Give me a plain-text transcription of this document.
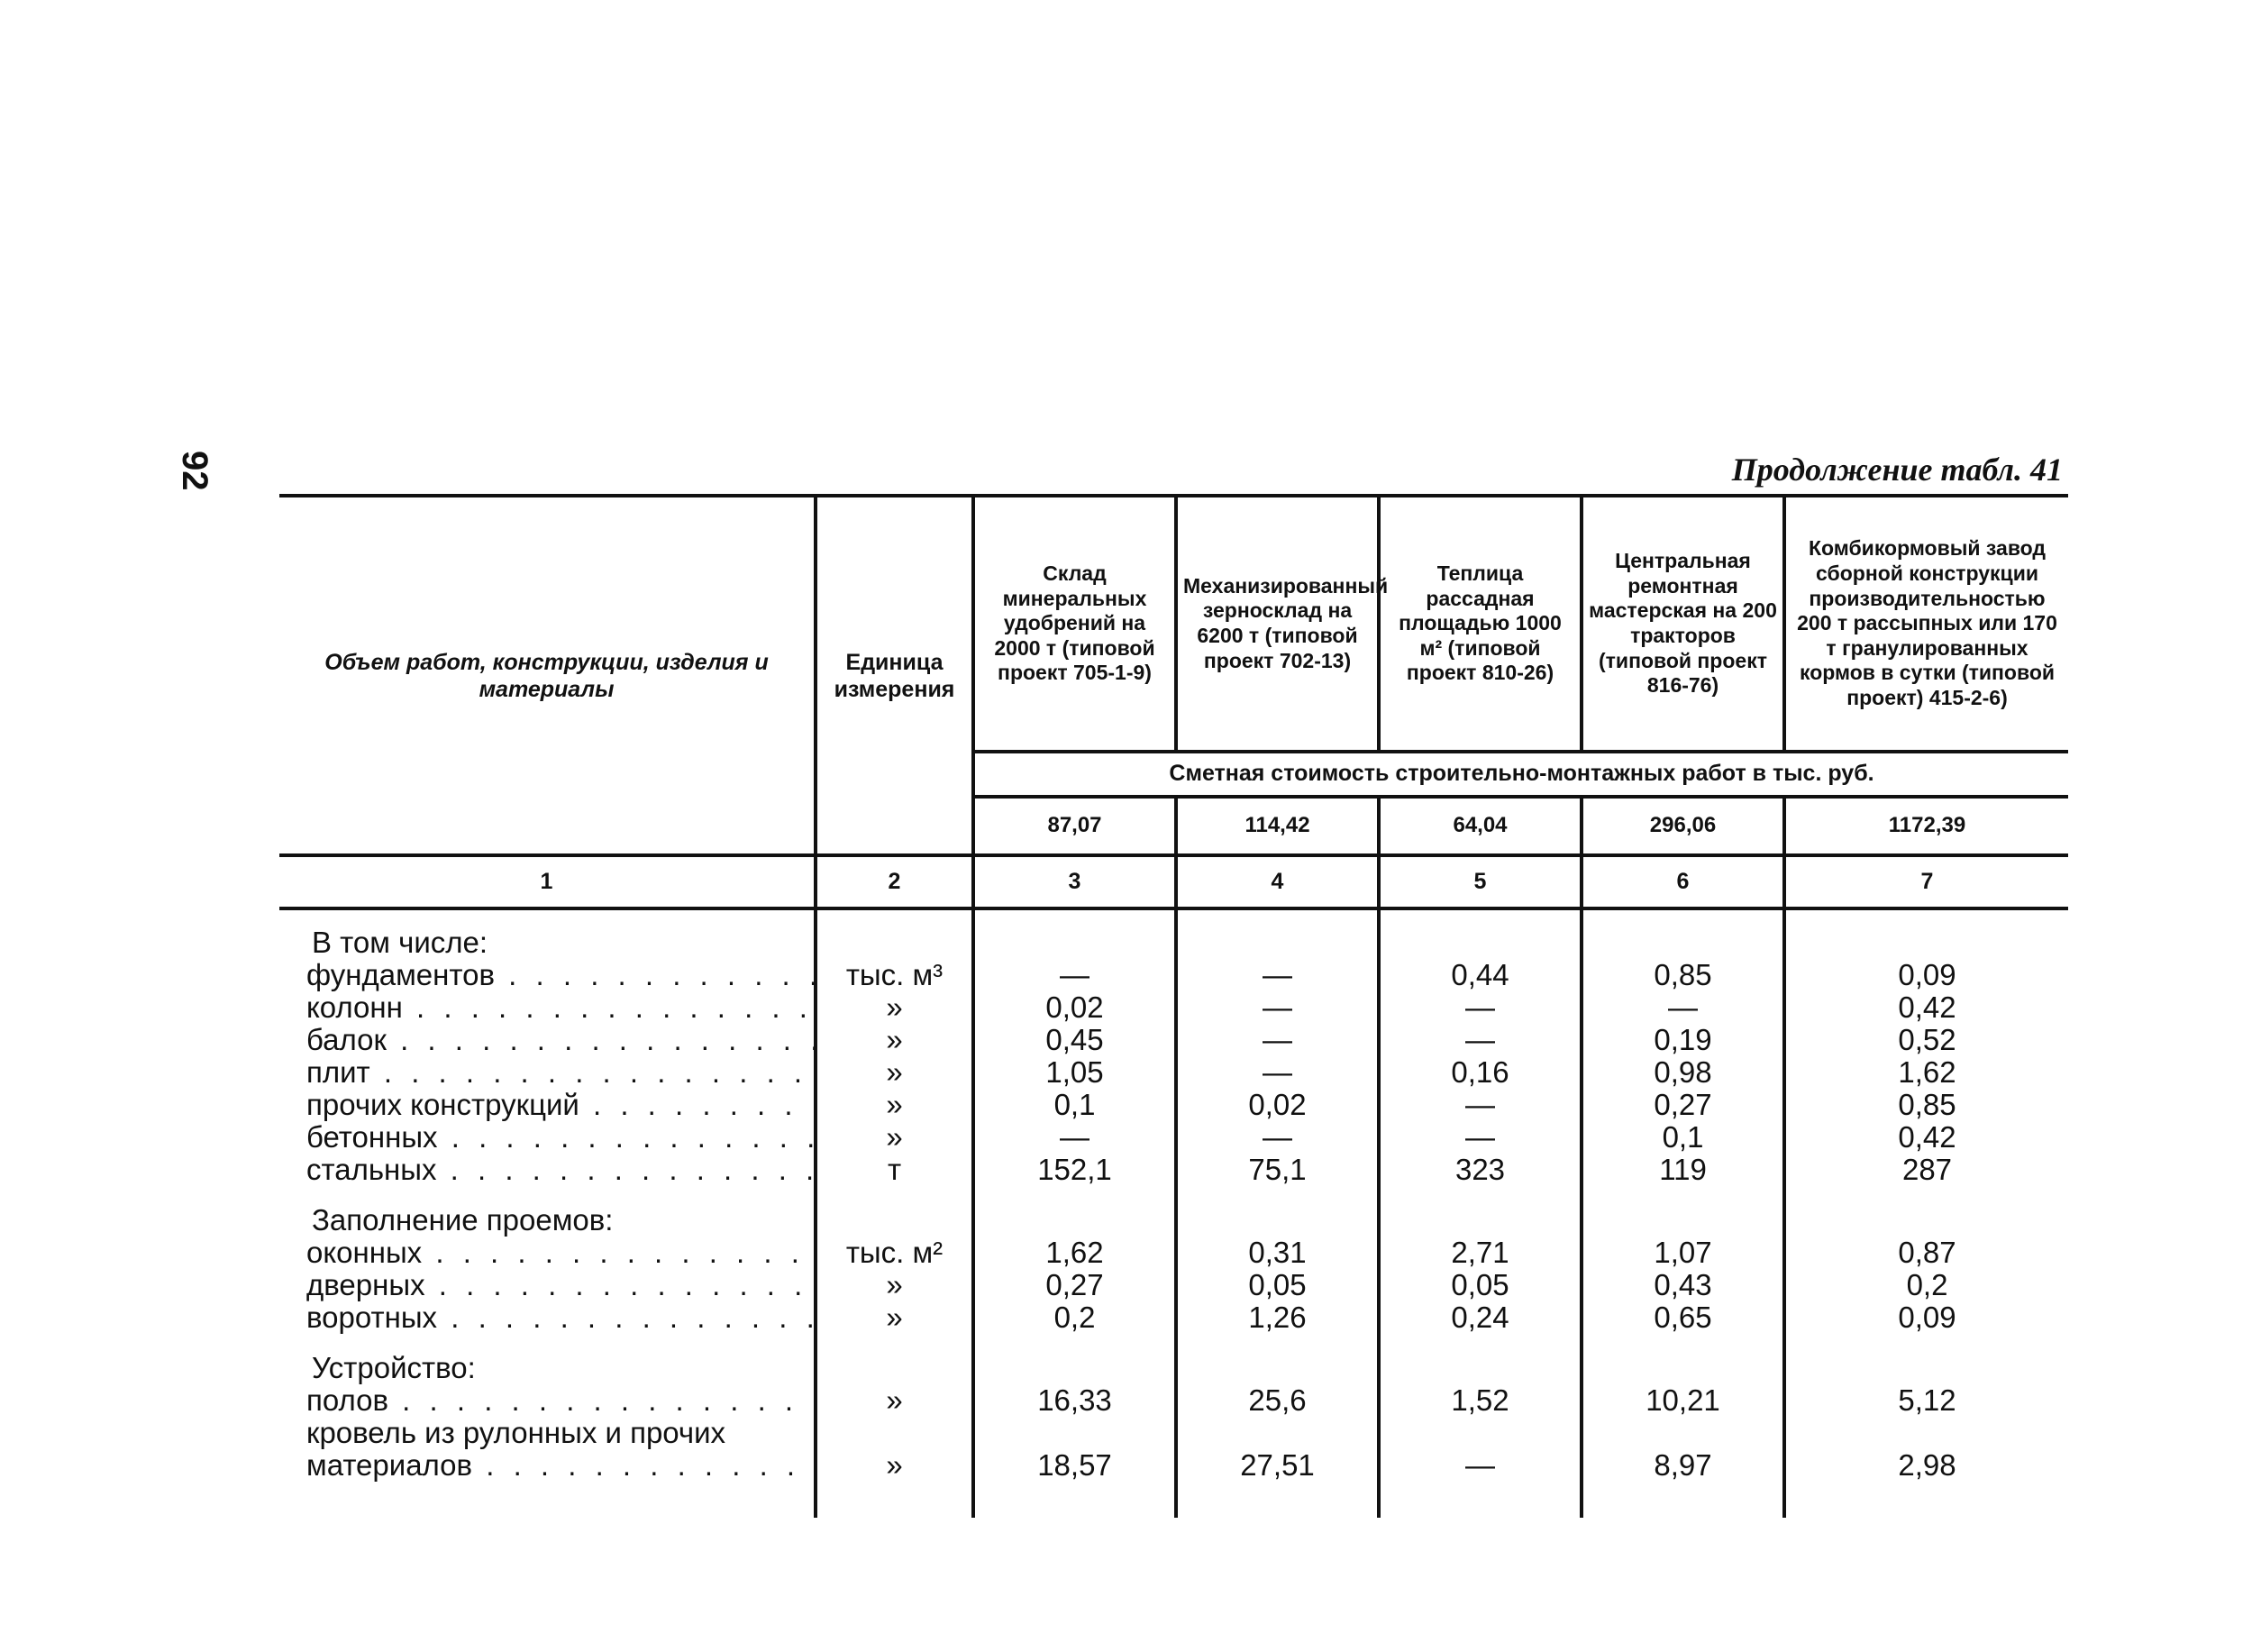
92	Продолжение табл. 41
Объем работ, конструкции, изделия и материалы	Единица измерения	Склад минеральных удобрений на 2000 т (типовой проект 705-1-9)	Механизированный зерносклад на 6200 т (типовой проект 702-13)	Теплица рассадная площадью 1000 м² (типовой проект 810-26)	Центральная ремонтная мастерская на 200 тракторов (типовой проект 816-76)	Комбикормовый завод сборной конструкции производительностью 200 т рассыпных или 170 т гранулированных кормов в сутки (типовой проект) 415-2-6)
		Сметная стоимость строительно-монтажных работ в тыс. руб.				
		87,07	114,42	64,04	296,06	1172,39
1	2	3	4	5	6	7
В том числе:						
фундаментов . . .	тыс. м³	—	—	0,44	0,85	0,09
колонн . . .	»	0,02	—	—	—	0,42
балок . . .	»	0,45	—	—	0,19	0,52
плит . . .	»	1,05	—	0,16	0,98	1,62
прочих конструкций . . .	»	0,1	0,02	—	0,27	0,85
бетонных . . .	»	—	—	—	0,1	0,42
стальных . . .	т	152,1	75,1	323	119	287

Заполнение проемов:						
оконных . . .	тыс. м²	1,62	0,31	2,71	1,07	0,87
дверных . . .	»	0,27	0,05	0,05	0,43	0,2
воротных . . .	»	0,2	1,26	0,24	0,65	0,09

Устройство:						
полов . . .	»	16,33	25,6	1,52	10,21	5,12
кровель из рулонных и прочих						
материалов . . .	»	18,57	27,51	—	8,97	2,98
